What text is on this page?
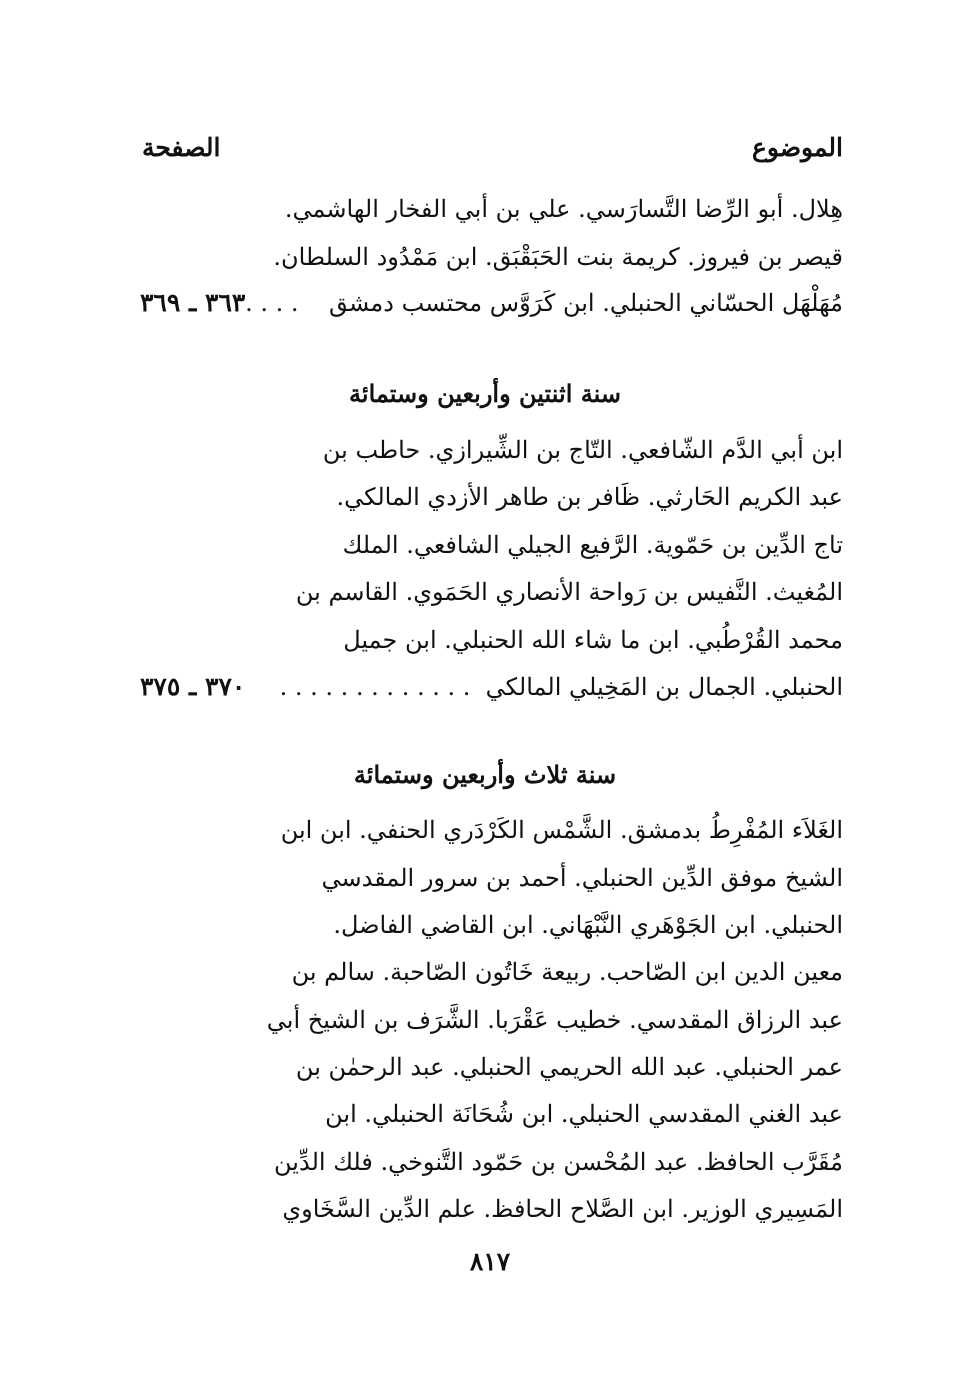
الموضوع
الصفحة
هِلال. أبو الرِّضا التَّسارَسي. علي بن أبي الفخار الهاشمي.
قيصر بن فيروز. كريمة بنت الحَبَقْبَق. ابن مَمْدُود السلطان.
مُهَلْهَل الحسّاني الحنبلي. ابن كَرَوَّس محتسب دمشق    . . . .
٣٦٣ ـ ٣٦٩
سنة اثنتين وأربعين وستمائة
ابن أبي الدَّم الشّافعي. التّاج بن الشِّيرازي. حاطب بن
عبد الكريم الحَارثي. ظَافر بن طاهر الأزدي المالكي.
تاج الدِّين بن حَمّوية. الرَّفيع الجيلي الشافعي. الملك
المُغيث. النَّفيس بن رَواحة الأنصاري الحَمَوي. القاسم بن
محمد القُرْطُبي. ابن ما شاء الله الحنبلي. ابن جميل
الحنبلي. الجمال بن المَخِيلي المالكي  . . . . . . . . . . . . .
٣٧٠ ـ ٣٧٥
سنة ثلاث وأربعين وستمائة
الغَلاَء المُفْرِطُ بدمشق. الشَّمْس الكَرْدَري الحنفي. ابن ابن
الشيخ موفق الدِّين الحنبلي. أحمد بن سرور المقدسي
الحنبلي. ابن الجَوْهَري النَّبْهَاني. ابن القاضي الفاضل.
معين الدين ابن الصّاحب. ربيعة خَاتُون الصّاحبة. سالم بن
عبد الرزاق المقدسي. خطيب عَقْرَبا. الشَّرَف بن الشيخ أبي
عمر الحنبلي. عبد الله الحريمي الحنبلي. عبد الرحمٰن بن
عبد الغني المقدسي الحنبلي. ابن شُحَانَة الحنبلي. ابن
مُقَرَّب الحافظ. عبد المُحْسن بن حَمّود التَّنوخي. فلك الدِّين
المَسِيري الوزير. ابن الصَّلاح الحافظ. علم الدِّين السَّخَاوي
٨١٧
